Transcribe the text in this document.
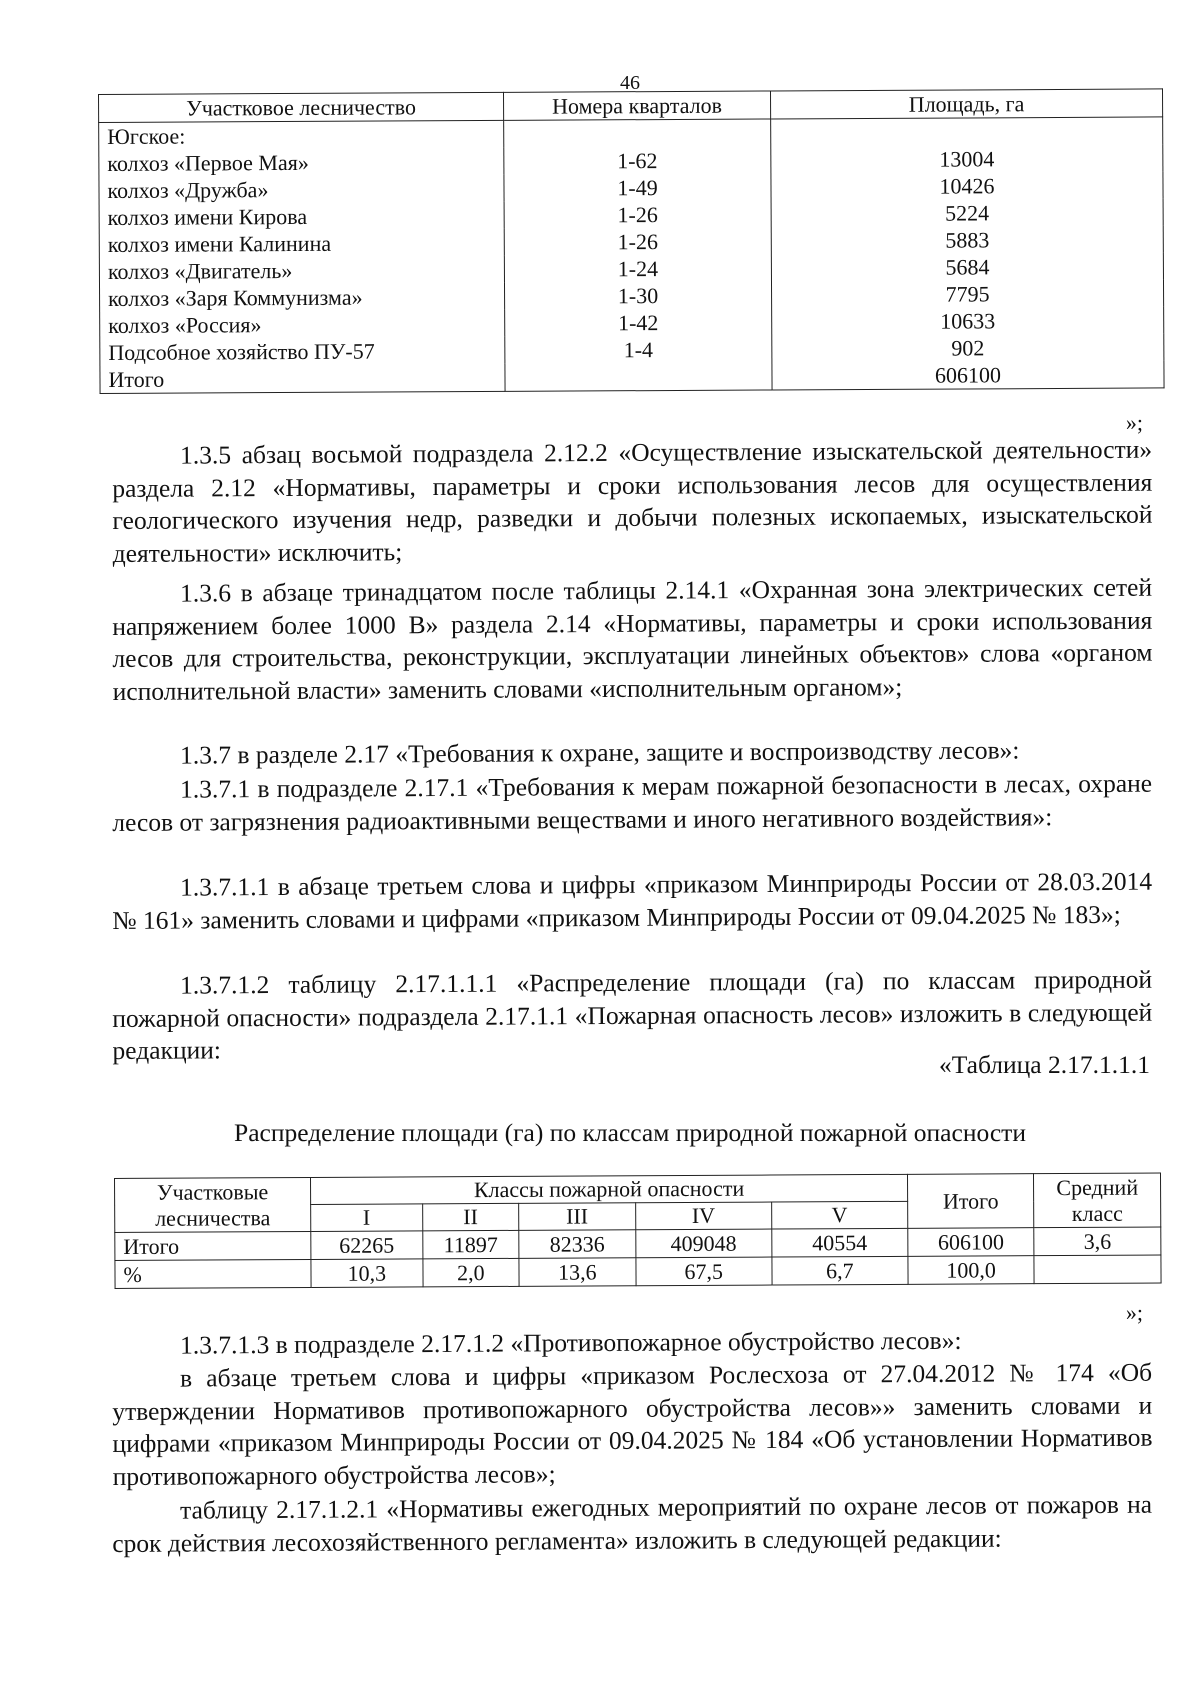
46
Участковое лесничество	Номера кварталов	Площадь, га
Югское:		
колхоз «Первое Мая»	1-62	13004
колхоз «Дружба»	1-49	10426
колхоз имени Кирова	1-26	5224
колхоз имени Калинина	1-26	5883
колхоз «Двигатель»	1-24	5684
колхоз «Заря Коммунизма»	1-30	7795
колхоз «Россия»	1-42	10633
Подсобное хозяйство ПУ-57	1-4	902
Итого		606100
»;
1.3.5 абзац восьмой подраздела 2.12.2 «Осуществление изыскательской деятельности» раздела 2.12 «Нормативы, параметры и сроки использования лесов для осуществления геологического изучения недр, разведки и добычи полезных ископаемых, изыскательской деятельности» исключить;
1.3.6 в абзаце тринадцатом после таблицы 2.14.1 «Охранная зона электрических сетей напряжением более 1000 В» раздела 2.14 «Нормативы, параметры и сроки использования лесов для строительства, реконструкции, эксплуатации линейных объектов» слова «органом исполнительной власти» заменить словами «исполнительным органом»;
1.3.7 в разделе 2.17 «Требования к охране, защите и воспроизводству лесов»:
1.3.7.1 в подразделе 2.17.1 «Требования к мерам пожарной безопасности в лесах, охране лесов от загрязнения радиоактивными веществами и иного негативного воздействия»:
1.3.7.1.1 в абзаце третьем слова и цифры «приказом Минприроды России от 28.03.2014 № 161» заменить словами и цифрами «приказом Минприроды России от 09.04.2025 № 183»;
1.3.7.1.2 таблицу 2.17.1.1.1 «Распределение площади (га) по классам природной пожарной опасности» подраздела 2.17.1.1 «Пожарная опасность лесов» изложить в следующей редакции:	«Таблица 2.17.1.1.1
Распределение площади (га) по классам природной пожарной опасности
Участковые лесничества	Классы пожарной опасности					Итого	Средний класс
	I	II	III	IV	V		
Итого	62265	11897	82336	409048	40554	606100	3,6
%	10,3	2,0	13,6	67,5	6,7	100,0	
»;
1.3.7.1.3 в подразделе 2.17.1.2 «Противопожарное обустройство лесов»:
в абзаце третьем слова и цифры «приказом Рослесхоза от 27.04.2012 № 174 «Об утверждении Нормативов противопожарного обустройства лесов»» заменить словами и цифрами «приказом Минприроды России от 09.04.2025 № 184 «Об установлении Нормативов противопожарного обустройства лесов»;
таблицу 2.17.1.2.1 «Нормативы ежегодных мероприятий по охране лесов от пожаров на срок действия лесохозяйственного регламента» изложить в следующей редакции:
